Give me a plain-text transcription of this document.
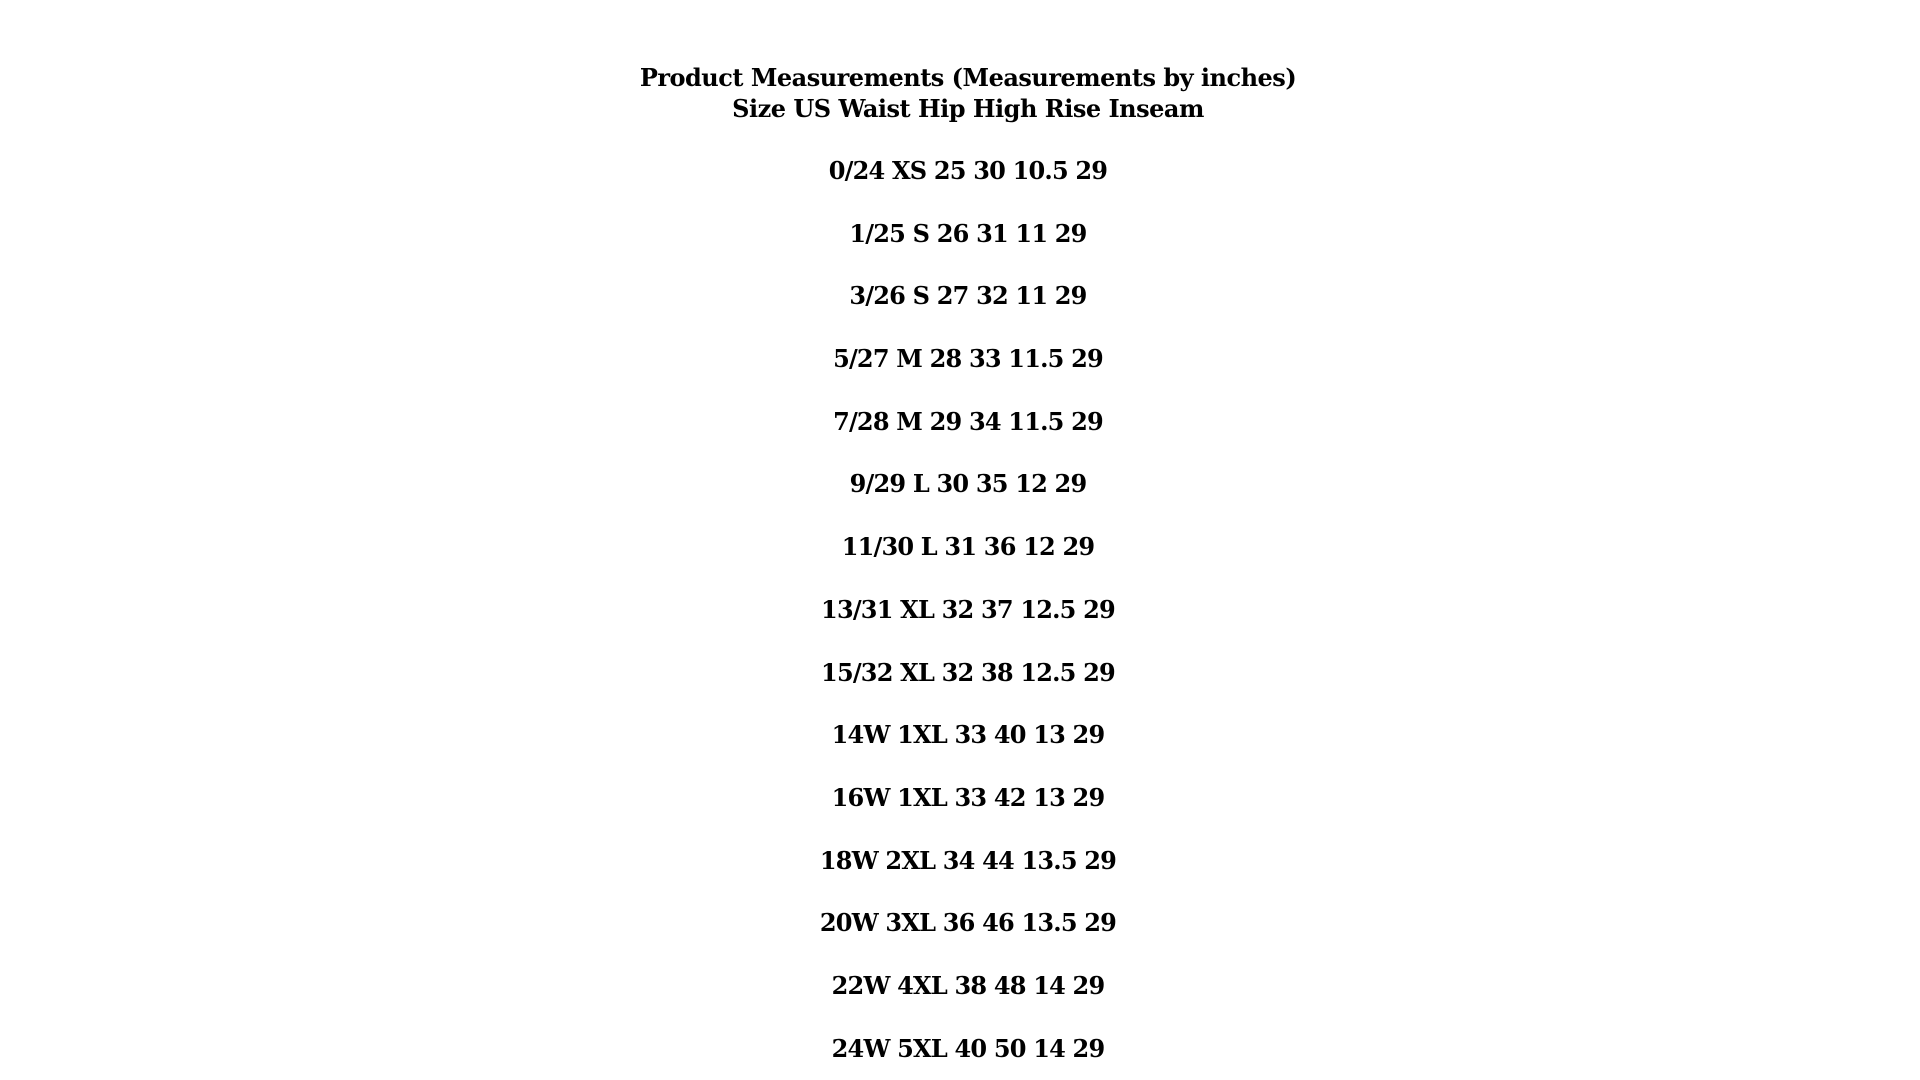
Product Measurements (Measurements by inches)

Size US Waist Hip High Rise Inseam

0/24 XS 25 30 10.5 29

1/25 S 26 31 11 29

3/26 S 27 32 11 29

5/27 M 28 33 11.5 29

7/28 M 29 34 11.5 29

9/29 L 30 35 12 29

11/30 L 31 36 12 29

13/31 XL 32 37 12.5 29

15/32 XL 32 38 12.5 29

14W 1XL 33 40 13 29

16W 1XL 33 42 13 29

18W 2XL 34 44 13.5 29

20W 3XL 36 46 13.5 29

22W 4XL 38 48 14 29

24W 5XL 40 50 14 29
